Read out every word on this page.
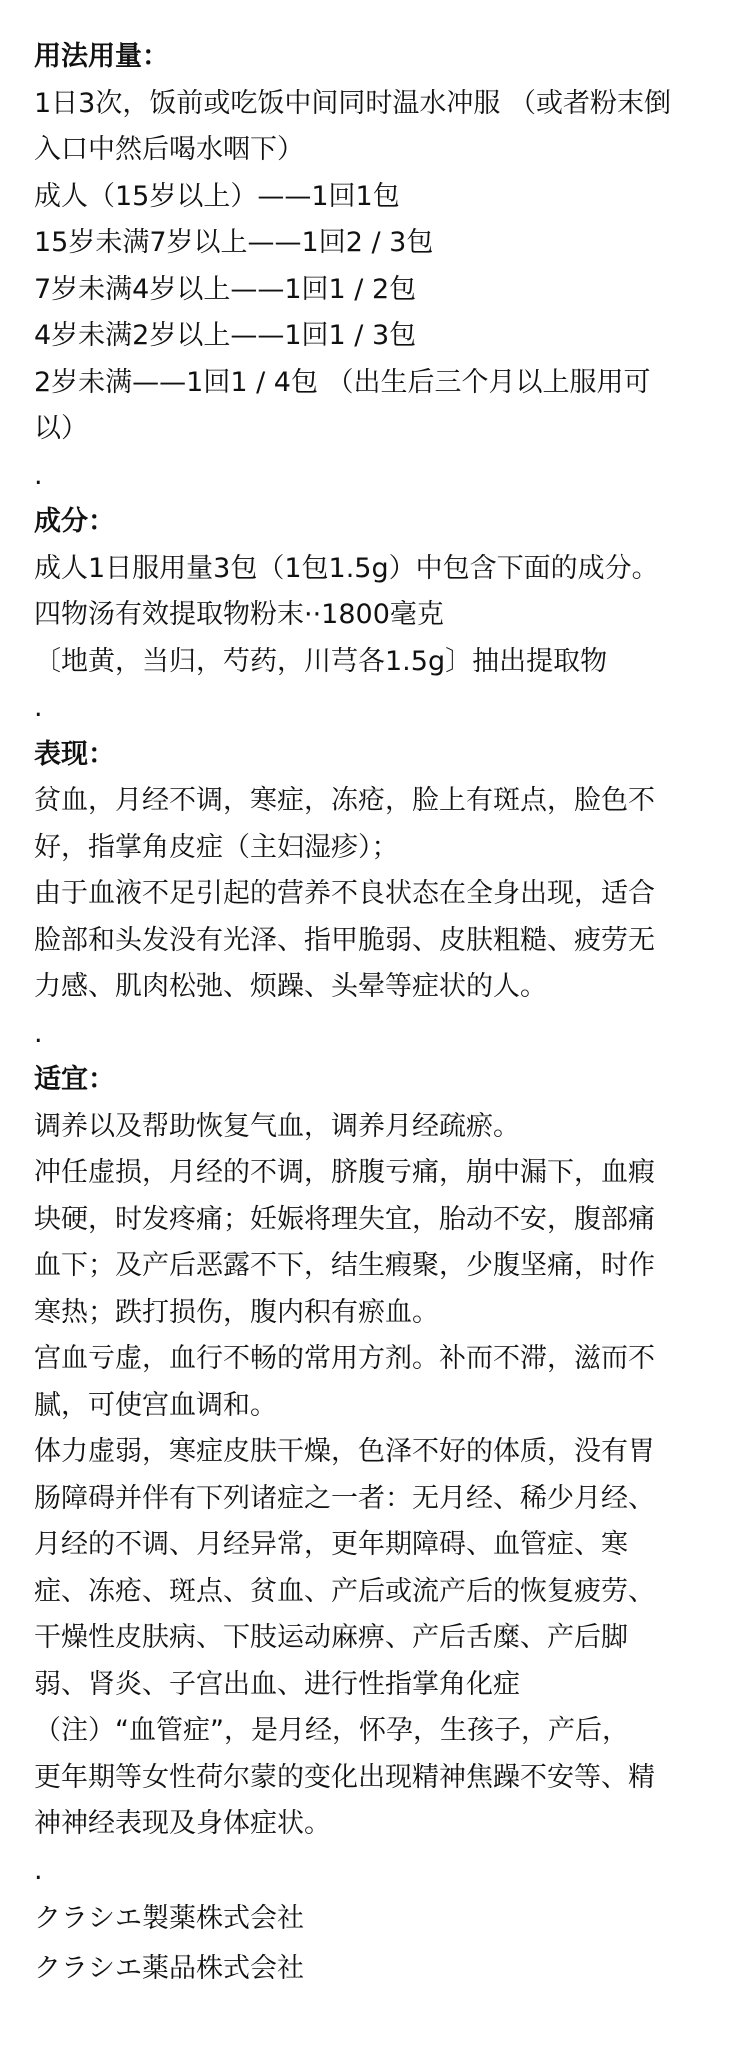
用法用量：

1日3次，饭前或吃饭中间同时温水冲服 （或者粉末倒

入口中然后喝水咽下）

成人（15岁以上）——1回1包

15岁未满7岁以上——1回2 / 3包

7岁未满4岁以上——1回1 / 2包

4岁未满2岁以上——1回1 / 3包

2岁未满——1回1 / 4包 （出生后三个月以上服用可

以）

.

成分：

成人1日服用量3包（1包1.5g）中包含下面的成分。

四物汤有效提取物粉末··1800毫克

〔地黄，当归，芍药，川芎各1.5g〕抽出提取物

.

表现：

贫血，月经不调，寒症，冻疮，脸上有斑点，脸色不

好，指掌角皮症（主妇湿疹）；

由于血液不足引起的营养不良状态在全身出现，适合

脸部和头发没有光泽、指甲脆弱、皮肤粗糙、疲劳无

力感、肌肉松弛、烦躁、头晕等症状的人。

.

适宜：

调养以及帮助恢复气血，调养月经疏瘀。

冲任虚损，月经的不调，脐腹亏痛，崩中漏下，血瘕

块硬，时发疼痛；妊娠将理失宜，胎动不安，腹部痛

血下；及产后恶露不下，结生瘕聚，少腹坚痛，时作

寒热；跌打损伤，腹内积有瘀血。

宫血亏虚，血行不畅的常用方剂。补而不滞，滋而不

腻，可使宫血调和。

体力虚弱，寒症皮肤干燥，色泽不好的体质，没有胃

肠障碍并伴有下列诸症之一者：无月经、稀少月经、

月经的不调、月经异常，更年期障碍、血管症、寒

症、冻疮、斑点、贫血、产后或流产后的恢复疲劳、

干燥性皮肤病、下肢运动麻痹、产后舌糜、产后脚

弱、肾炎、子宫出血、进行性指掌角化症

（注）“血管症”，是月经，怀孕，生孩子，产后，

更年期等女性荷尔蒙的变化出现精神焦躁不安等、精

神神经表现及身体症状。

.

クラシエ製薬株式会社

クラシエ薬品株式会社
